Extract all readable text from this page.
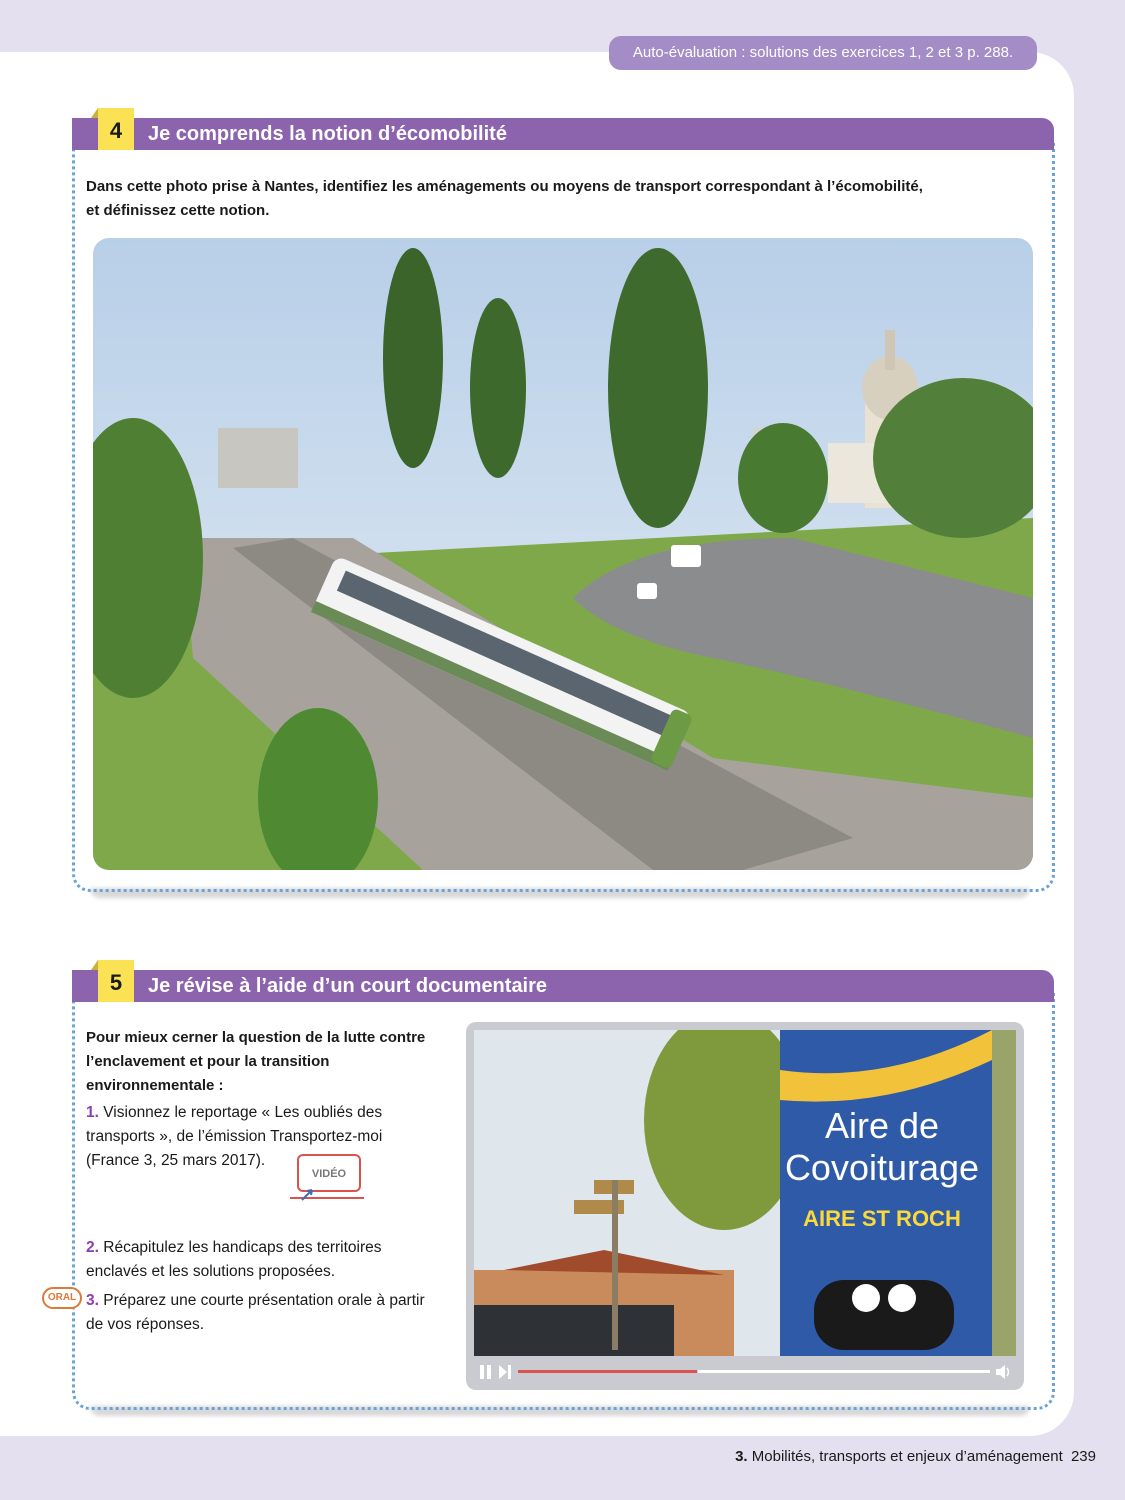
Auto-évaluation : solutions des exercices 1, 2 et 3 p. 288.
4	Je comprends la notion d’écomobilité
Dans cette photo prise à Nantes, identifiez les aménagements ou moyens de transport correspondant à l’écomobilité,
et définissez cette notion.
5	Je révise à l’aide d’un court documentaire
Pour mieux cerner la question de la lutte contre
l’enclavement et pour la transition
environnementale :
1. Visionnez le reportage « Les oubliés des
transports », de l’émission Transportez-moi
(France 3, 25 mars 2017).
VIDÉO
2. Récapitulez les handicaps des territoires
enclavés et les solutions proposées.
ORAL 3. Préparez une courte présentation orale à partir
de vos réponses.
Aire de
Covoiturage
AIRE ST ROCH
3. Mobilités, transports et enjeux d’aménagement 239
